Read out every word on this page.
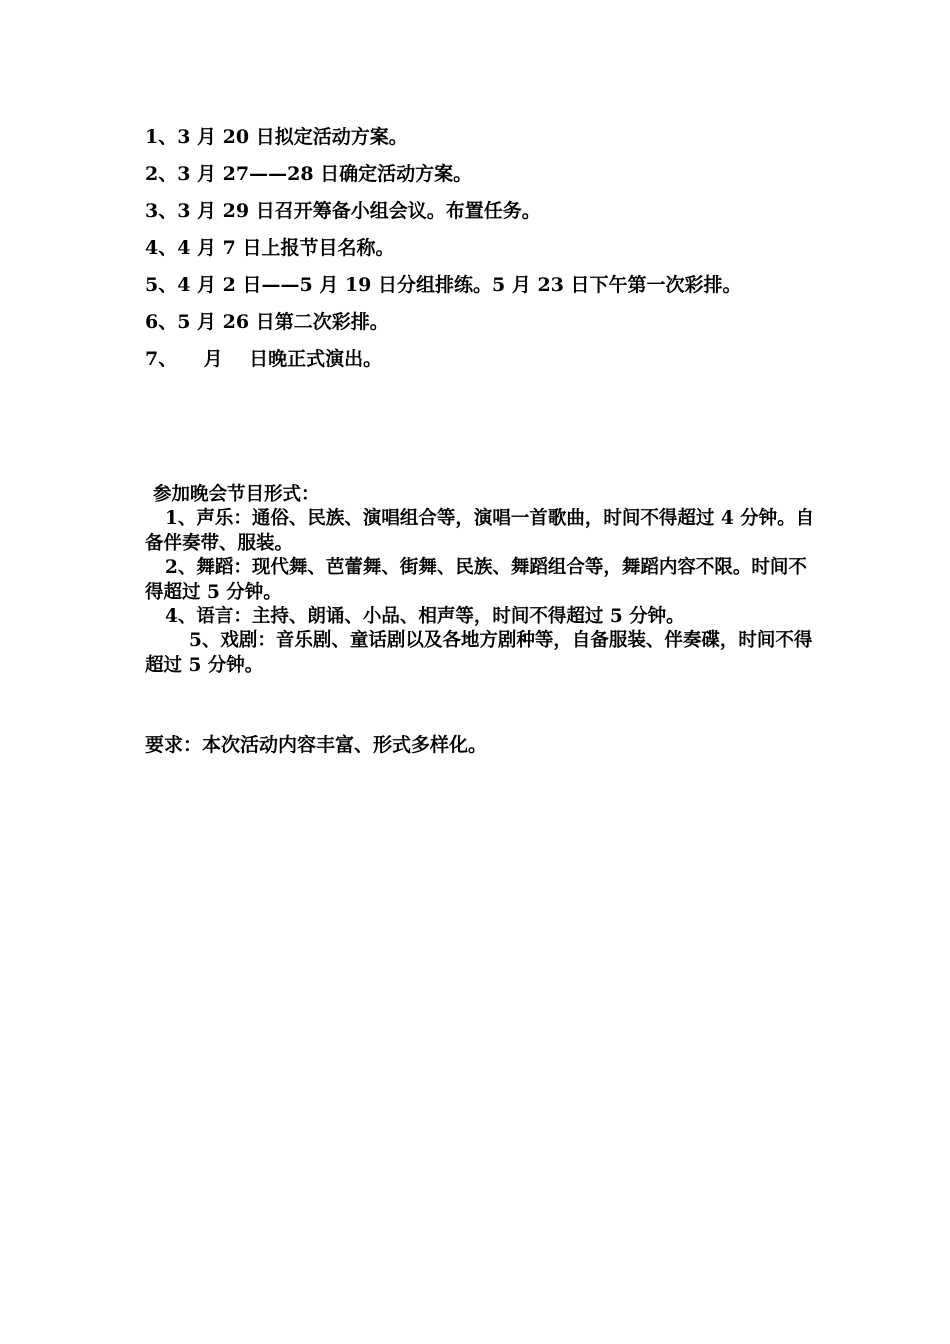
1、3 月 20 日拟定活动方案。
2、3 月 27——28 日确定活动方案。
3、3 月 29 日召开筹备小组会议。布置任务。
4、4 月 7 日上报节目名称。
5、4 月 2 日——5 月 19 日分组排练。5 月 23 日下午第一次彩排。
6、5 月 26 日第二次彩排。
7、    月    日晚正式演出。
参加晚会节目形式：
1、声乐：通俗、民族、演唱组合等，演唱一首歌曲，时间不得超过 4 分钟。自备伴奏带、服装。
2、舞蹈：现代舞、芭蕾舞、街舞、民族、舞蹈组合等，舞蹈内容不限。时间不得超过 5 分钟。
4、语言：主持、朗诵、小品、相声等，时间不得超过 5 分钟。
5、戏剧：音乐剧、童话剧以及各地方剧种等，自备服装、伴奏碟，时间不得超过 5 分钟。
要求：本次活动内容丰富、形式多样化。
